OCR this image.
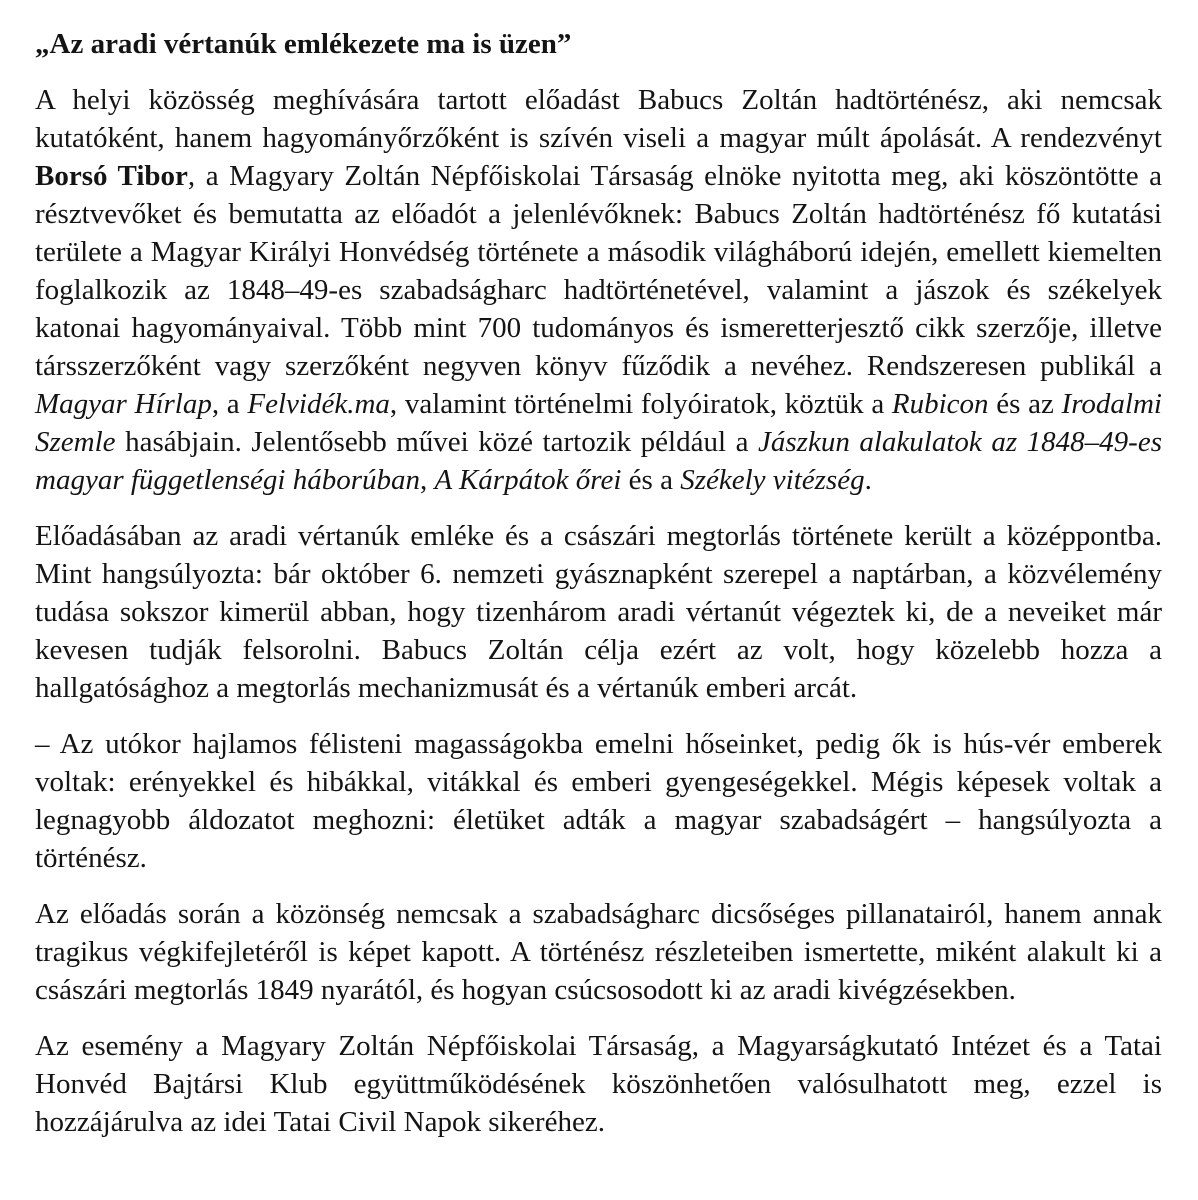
„Az aradi vértanúk emlékezete ma is üzen”

A helyi közösség meghívására tartott előadást Babucs Zoltán hadtörténész, aki nemcsak kutatóként, hanem hagyományőrzőként is szívén viseli a magyar múlt ápolását. A rendezvényt Borsó Tibor, a Magyary Zoltán Népfőiskolai Társaság elnöke nyitotta meg, aki köszöntötte a résztvevőket és bemutatta az előadót a jelenlévőknek: Babucs Zoltán hadtörténész fő kutatási területe a Magyar Királyi Honvédség története a második világháború idején, emellett kiemelten foglalkozik az 1848–49-es szabadságharc hadtörténetével, valamint a jászok és székelyek katonai hagyományaival. Több mint 700 tudományos és ismeretterjesztő cikk szerzője, illetve társszerzőként vagy szerzőként negyven könyv fűződik a nevéhez. Rendszeresen publikál a Magyar Hírlap, a Felvidék.ma, valamint történelmi folyóiratok, köztük a Rubicon és az Irodalmi Szemle hasábjain. Jelentősebb művei közé tartozik például a Jászkun alakulatok az 1848–49-es magyar függetlenségi háborúban, A Kárpátok őrei és a Székely vitézség.

Előadásában az aradi vértanúk emléke és a császári megtorlás története került a középpontba. Mint hangsúlyozta: bár október 6. nemzeti gyásznapként szerepel a naptárban, a közvélemény tudása sokszor kimerül abban, hogy tizenhárom aradi vértanút végeztek ki, de a neveiket már kevesen tudják felsorolni. Babucs Zoltán célja ezért az volt, hogy közelebb hozza a hallgatósághoz a megtorlás mechanizmusát és a vértanúk emberi arcát.

– Az utókor hajlamos félisteni magasságokba emelni hőseinket, pedig ők is hús-vér emberek voltak: erényekkel és hibákkal, vitákkal és emberi gyengeségekkel. Mégis képesek voltak a legnagyobb áldozatot meghozni: életüket adták a magyar szabadságért – hangsúlyozta a történész.

Az előadás során a közönség nemcsak a szabadságharc dicsőséges pillanatairól, hanem annak tragikus végkifejletéről is képet kapott. A történész részleteiben ismertette, miként alakult ki a császári megtorlás 1849 nyarától, és hogyan csúcsosodott ki az aradi kivégzésekben.

Az esemény a Magyary Zoltán Népfőiskolai Társaság, a Magyarságkutató Intézet és a Tatai Honvéd Bajtársi Klub együttműködésének köszönhetően valósulhatott meg, ezzel is hozzájárulva az idei Tatai Civil Napok sikeréhez.
